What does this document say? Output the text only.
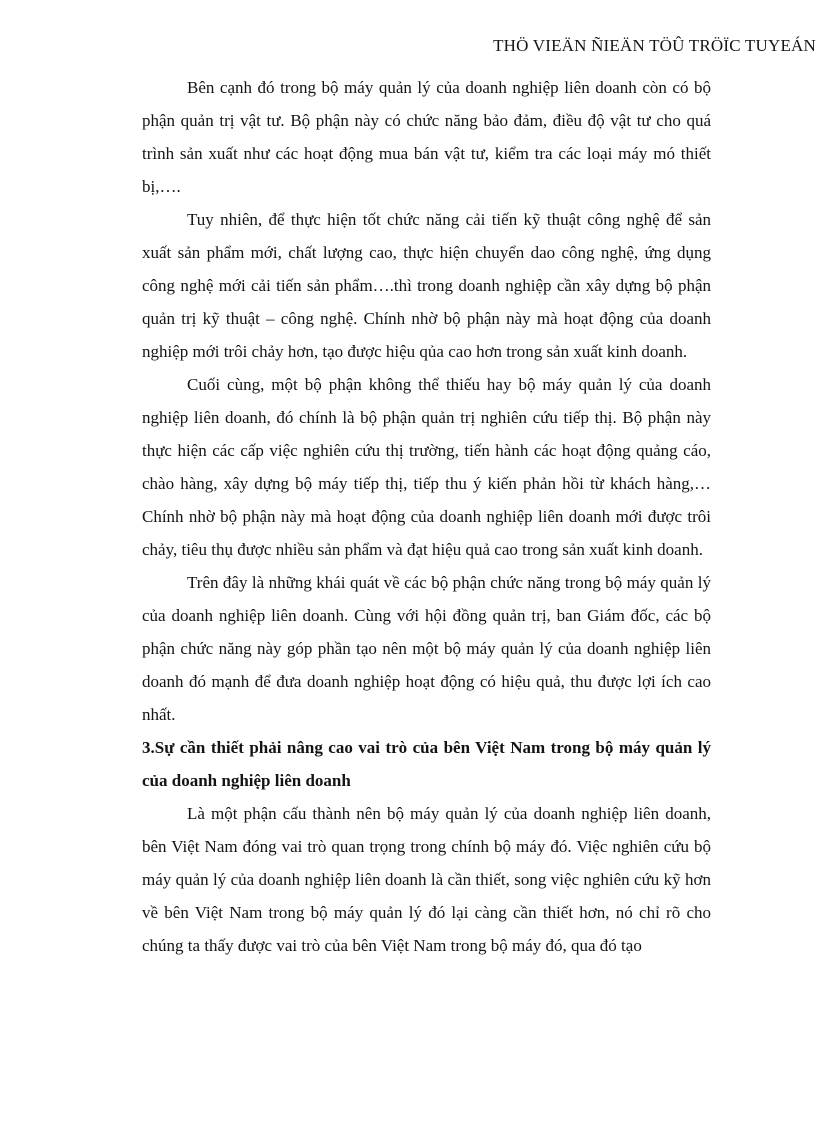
THÖ VIEÄN ÑIEÄN TÖÛ TRÖÏC TUYEÁN

Bên cạnh đó trong bộ máy quản lý của doanh nghiệp liên doanh còn có bộ phận quản trị vật tư. Bộ phận này có chức năng bảo đảm, điều độ vật tư cho quá trình sản xuất như các hoạt động mua bán vật tư, kiểm tra các loại máy mó thiết bị,….

Tuy nhiên, để thực hiện tốt chức năng cải tiến kỹ thuật công nghệ để sản xuất sản phẩm mới, chất lượng cao, thực hiện chuyển dao công nghệ, ứng dụng công nghệ mới cải tiến sản phẩm….thì trong doanh nghiệp cần xây dựng bộ phận quản trị kỹ thuật – công nghệ. Chính nhờ bộ phận này mà hoạt động của doanh nghiệp mới trôi chảy hơn, tạo được hiệu qủa cao hơn trong sản xuất kinh doanh.

Cuối cùng, một bộ phận không thể thiếu hay bộ máy quản lý của doanh nghiệp liên doanh, đó chính là bộ phận quản trị nghiên cứu tiếp thị. Bộ phận này thực hiện các cấp việc nghiên cứu thị trường, tiến hành các hoạt động quảng cáo, chào hàng, xây dựng bộ máy tiếp thị, tiếp thu ý kiến phản hồi từ khách hàng,…Chính nhờ bộ phận này mà hoạt động của doanh nghiệp liên doanh mới được trôi chảy, tiêu thụ được nhiều sản phẩm và đạt hiệu quả cao trong sản xuất kinh doanh.

Trên đây là những khái quát về các bộ phận chức năng trong bộ máy quản lý của doanh nghiệp liên doanh. Cùng với hội đồng quản trị, ban Giám đốc, các bộ phận chức năng này góp phần tạo nên một bộ máy quản lý của doanh nghiệp liên doanh đó mạnh để đưa doanh nghiệp hoạt động có hiệu quả, thu được lợi ích cao nhất.

3.Sự cần thiết phải nâng cao vai trò của bên Việt Nam trong bộ máy quản lý của doanh nghiệp liên doanh

Là một phận cấu thành nên bộ máy quản lý của doanh nghiệp liên doanh, bên Việt Nam đóng vai trò quan trọng trong chính bộ máy đó. Việc nghiên cứu bộ máy quản lý của doanh nghiệp liên doanh là cần thiết, song việc nghiên cứu kỹ hơn về bên Việt Nam trong bộ máy quản lý đó lại càng cần thiết hơn, nó chỉ rõ cho chúng ta thấy được vai trò của bên Việt Nam trong bộ máy đó, qua đó tạo
